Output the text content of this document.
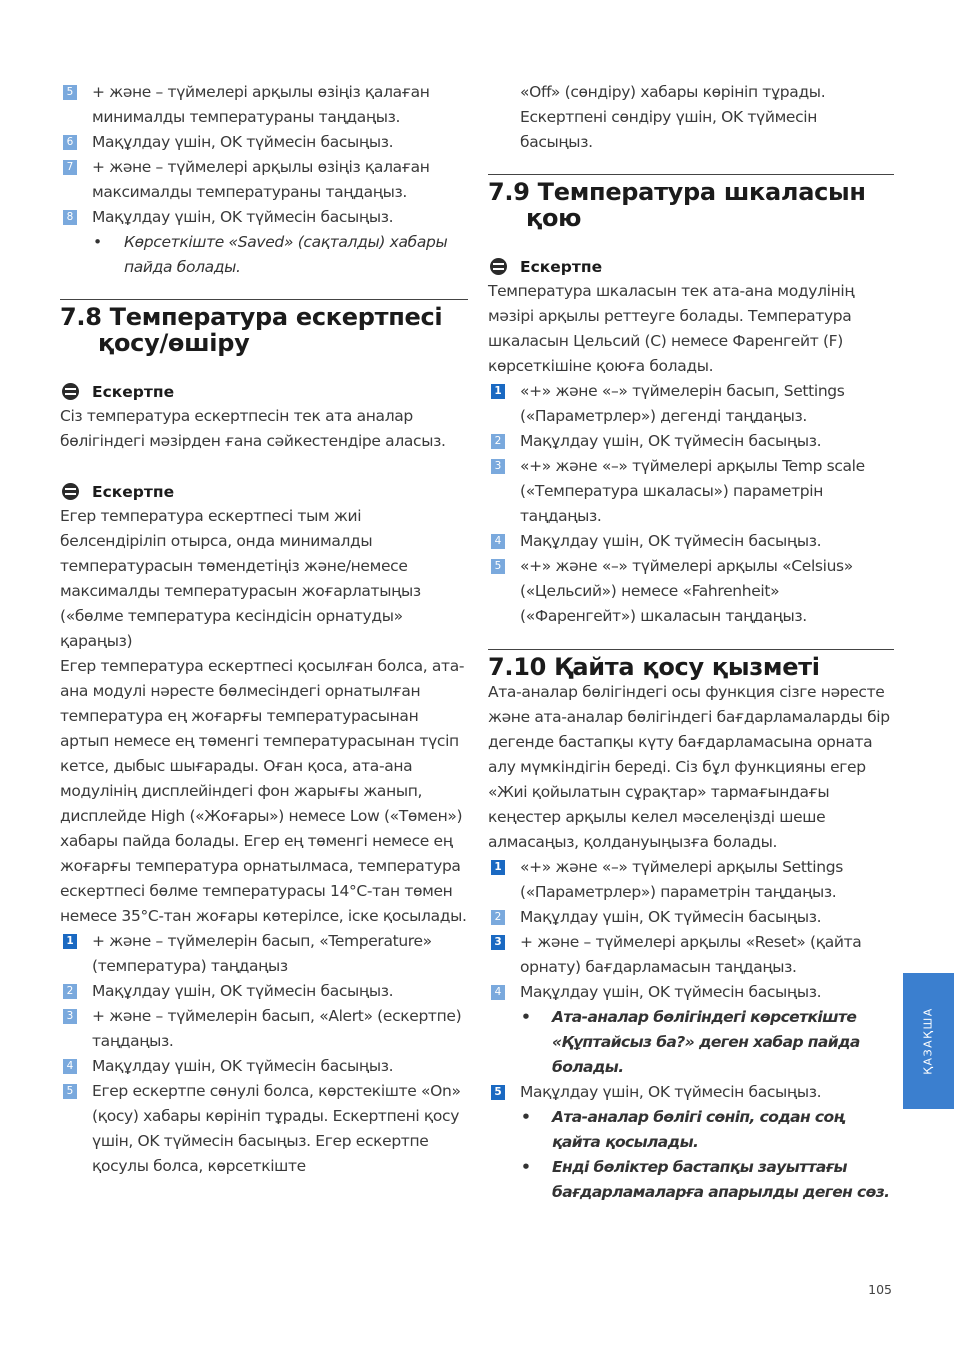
5 + және – түймелері арқылы өзіңіз қалаған минималды температураны таңдаңыз.
6 Мақұлдау үшін, OK түймесін басыңыз.
7 + және – түймелері арқылы өзіңіз қалаған максималды температураны таңдаңыз.
8 Мақұлдау үшін, OK түймесін басыңыз.
• Көрсеткіште «Saved» (сақталды) хабары пайда болады.
7.8 Температура ескертпесі қосу/өшіру
Ескертпе
Сіз температура ескертпесін тек ата аналар бөлігіндегі мәзірден ғана сәйкестендіре алаcыз.
Ескертпе
Егер температура ескертпесі тым жиі белсендіріліп отырса, онда минималды температурасын төмендетіңіз және/немесе максималды температурасын жоғарлатыңыз («бөлме температура кесіндісін орнатуды» қараңыз)
Егер температура ескертпесі қосылған болса, ата-ана модулі нәресте бөлмесіндегі орнатылған температура ең жоғарғы температурасынан артып немесе ең төменгі температурасынан түсіп кетсе, дыбыс шығарады. Оған қоса, ата-ана модулінің дисплейіндегі фон жарығы жанып, дисплейде High («Жоғары») немесе Low («Төмен») хабары пайда болады. Егер ең төменгі немесе ең жоғарғы температура орнатылмаса, температура ескертпесі бөлме температурасы 14°C-тан төмен немесе 35°C-тан жоғары көтерілсе, іске қосылады.
1 + және – түймелерін басып, «Temperature» (температура) таңдаңыз
2 Мақұлдау үшін, OK түймесін басыңыз.
3 + және – түймелерін басып, «Alert» (ескертпе) таңдаңыз.
4 Мақұлдау үшін, OK түймесін басыңыз.
5 Егер ескертпе сөнулі болса, көрстекіште «On» (қосу) хабары көрініп тұрады. Ескертпені қосу үшін, OK түймесін басыңыз. Егер ескертпе қосулы болса, көрсеткіште
«Off» (сөндіру) хабары көрініп тұрады. Ескертпені сөндіру үшін, OK түймесін басыңыз.
7.9 Температура шкаласын қою
Ескертпе
Температура шкаласын тек ата-ана модулінің мәзірі арқылы реттеуге болады. Температура шкаласын Цельсий (C) немесе Фаренгейт (F) көрсеткішіне қоюға болады.
1 «+» және «–» түймелерін басып, Settings («Параметрлер») дегенді таңдаңыз.
2 Мақұлдау үшін, OK түймесін басыңыз.
3 «+» және «–» түймелері арқылы Temp scale («Температура шкаласы») параметрін таңдаңыз.
4 Мақұлдау үшін, OK түймесін басыңыз.
5 «+» және «–» түймелері арқылы «Celsius» («Цельсий») немесе «Fahrenheit» («Фаренгейт») шкаласын таңдаңыз.
7.10 Қайта қосу қызметі
Ата-аналар бөлігіндегі осы функция сізге нәресте және ата-аналар бөлігіндегі бағдарламаларды бір дегенде бастапқы күту бағдарламасына орната алу мүмкіндігін береді. Сіз бұл функцияны егер «Жиі қойылатын сұрақтар» тармағындағы кеңестер арқылы келел мәселеңізді шеше алмасаңыз, қолдануыңызға болады.
1 «+» және «–» түймелері арқылы Settings («Параметрлер») параметрін таңдаңыз.
2 Мақұлдау үшін, OK түймесін басыңыз.
3 + және – түймелері арқылы «Reset» (қайта орнату) бағдарламасын таңдаңыз.
4 Мақұлдау үшін, OK түймесін басыңыз.
• Ата-аналар бөлігіндегі көрсеткіште «Құптайсыз ба?» деген хабар пайда болады.
5 Мақұлдау үшін, OK түймесін басыңыз.
• Ата-аналар бөлігі сөніп, содан соң қайта қосылады.
• Енді бөліктер бастапқы зауыттағы бағдарламаларға апарылды деген сөз.
ҚАЗАҚША
105
